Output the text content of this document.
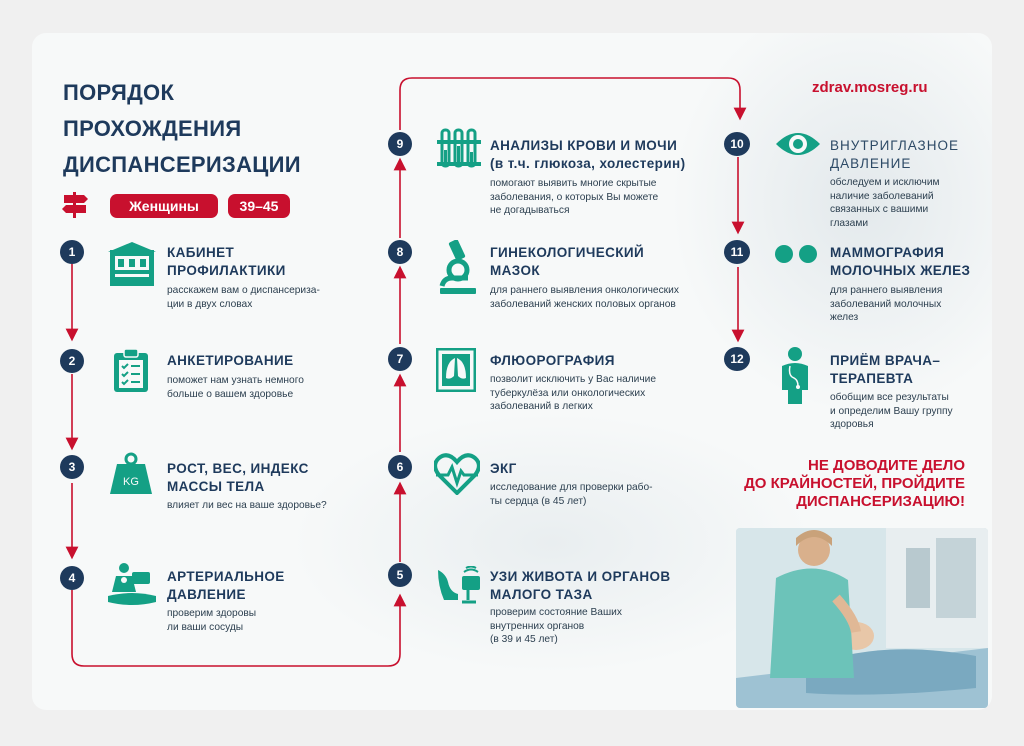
ПОРЯДОК
ПРОХОЖДЕНИЯ
ДИСПАНСЕРИЗАЦИИ
zdrav.mosreg.ru
Женщины	39–45
1	КАБИНЕТ
ПРОФИЛАКТИКИ
расскажем вам о диспансеризa-
ции в двух словах
2	АНКЕТИРОВАНИЕ
поможет нам узнать немного
больше о вашем здоровье
3
KG
РОСТ, ВЕС, ИНДЕКС
МАССЫ ТЕЛА
влияет ли вес на ваше здоровье?
4	АРТЕРИАЛЬНОЕ
ДАВЛЕНИЕ
проверим здоровы
ли ваши сосуды
5	УЗИ ЖИВОТА И ОРГАНОВ
МАЛОГО ТАЗА
проверим состояние Ваших
внутренних органов
(в 39 и 45 лет)
6	ЭКГ
исследование для проверки рабо-
ты сердца (в 45 лет)
7	ФЛЮОРОГРАФИЯ
позволит исключить у Вас наличие
туберкулёза или онкологических
заболеваний в легких
8	ГИНЕКОЛОГИЧЕСКИЙ
МАЗОК
для раннего выявления онкологических
заболеваний женских половых органов
9	АНАЛИЗЫ КРОВИ И МОЧИ
(в т.ч. глюкоза, холестерин)
помогают выявить многие скрытые
заболевания, о которых Вы можете
не догадываться
10	ВНУТРИГЛАЗНОЕ
ДАВЛЕНИЕ
обследуем и исключим
наличие заболеваний
связанных с вашими
глазами
11	МАММОГРАФИЯ
МОЛОЧНЫХ ЖЕЛЕЗ
для раннего выявления
заболеваний молочных
желез
12	ПРИЁМ ВРАЧА–
ТЕРАПЕВТА
обобщим все результаты
и определим Вашу группу
здоровья
НЕ ДОВОДИТЕ ДЕЛО
ДО КРАЙНОСТЕЙ, ПРОЙДИТЕ
ДИСПАНСЕРИЗАЦИЮ!
